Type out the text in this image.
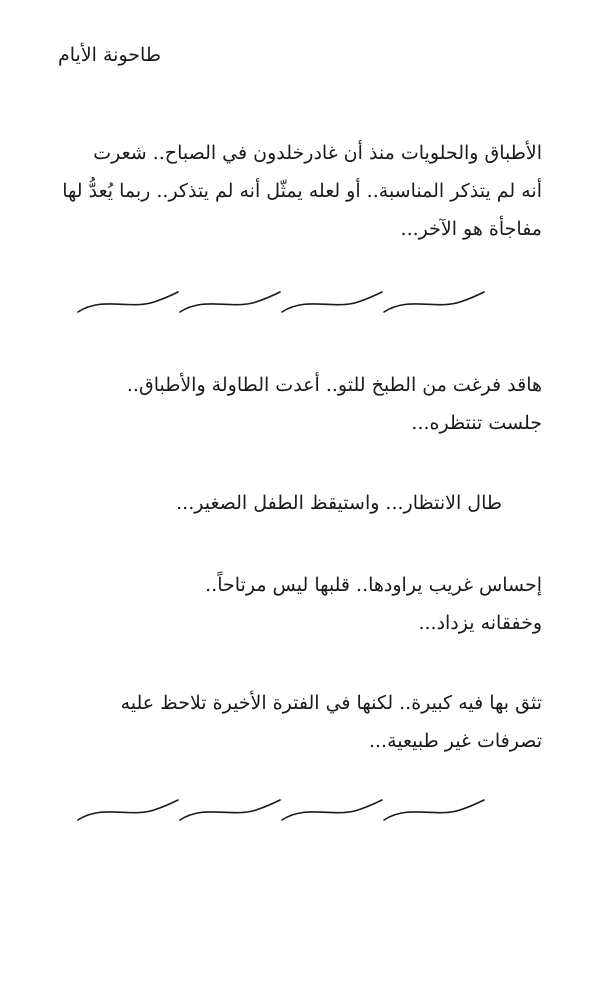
طاحونة الأيام
الأطباق والحلويات منذ أن غادرخلدون في الصباح.. شعرت
أنه لم يتذكر المناسبة.. أو لعله يمثّل أنه لم يتذكر.. ربما يُعدُّ لها
مفاجأة هو الآخر...
هاقد فرغت من الطبخ للتو.. أعدت الطاولة والأطباق..
جلست تنتظره...
طال الانتظار... واستيقظ الطفل الصغير...
إحساس غريب يراودها.. قلبها ليس مرتاحاً..
وخفقانه يزداد...
تثق بها فيه كبيرة.. لكنها في الفترة الأخيرة تلاحظ عليه
تصرفات غير طبيعية...
